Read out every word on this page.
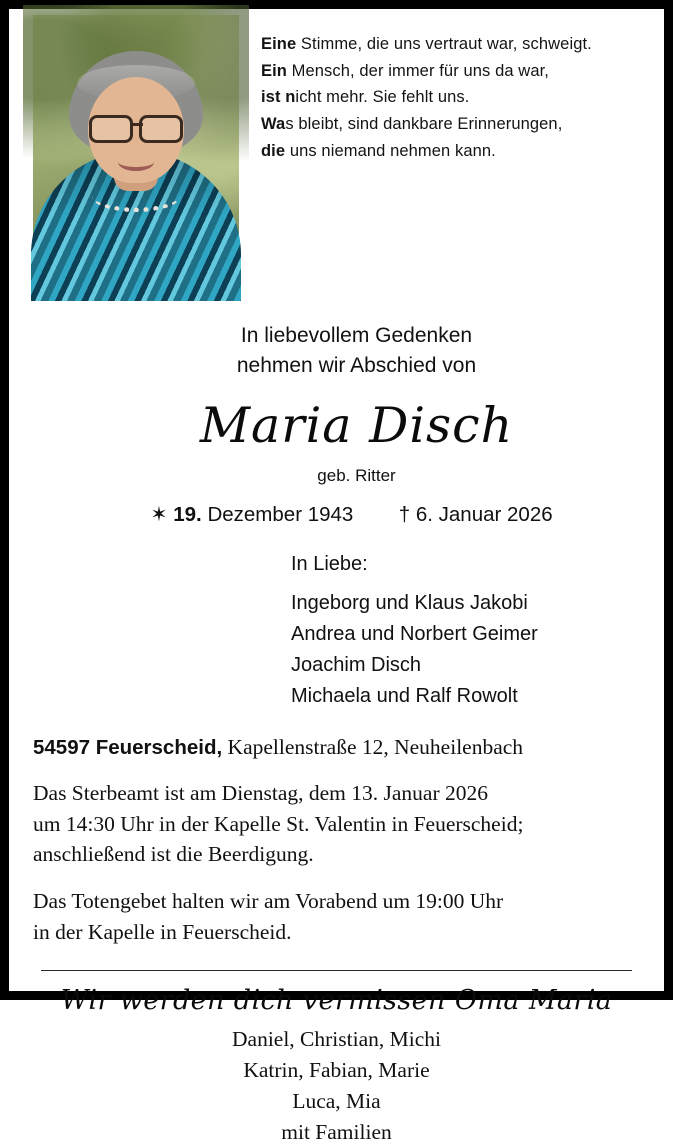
Eine Stimme, die uns vertraut war, schweigt.
Ein Mensch, der immer für uns da war,
ist nicht mehr. Sie fehlt uns.
Was bleibt, sind dankbare Erinnerungen,
die uns niemand nehmen kann.
In liebevollem Gedenken
nehmen wir Abschied von
Maria Disch
geb. Ritter
✶ 19. Dezember 1943 † 6. Januar 2026
In Liebe:
Ingeborg und Klaus Jakobi
Andrea und Norbert Geimer
Joachim Disch
Michaela und Ralf Rowolt
54597 Feuerscheid, Kapellenstraße 12, Neuheilenbach
Das Sterbeamt ist am Dienstag, dem 13. Januar 2026
um 14:30 Uhr in der Kapelle St. Valentin in Feuerscheid;
anschließend ist die Beerdigung.
Das Totengebet halten wir am Vorabend um 19:00 Uhr
in der Kapelle in Feuerscheid.
Wir werden dich vermissen Oma Maria
Daniel, Christian, Michi
Katrin, Fabian, Marie
Luca, Mia
mit Familien
